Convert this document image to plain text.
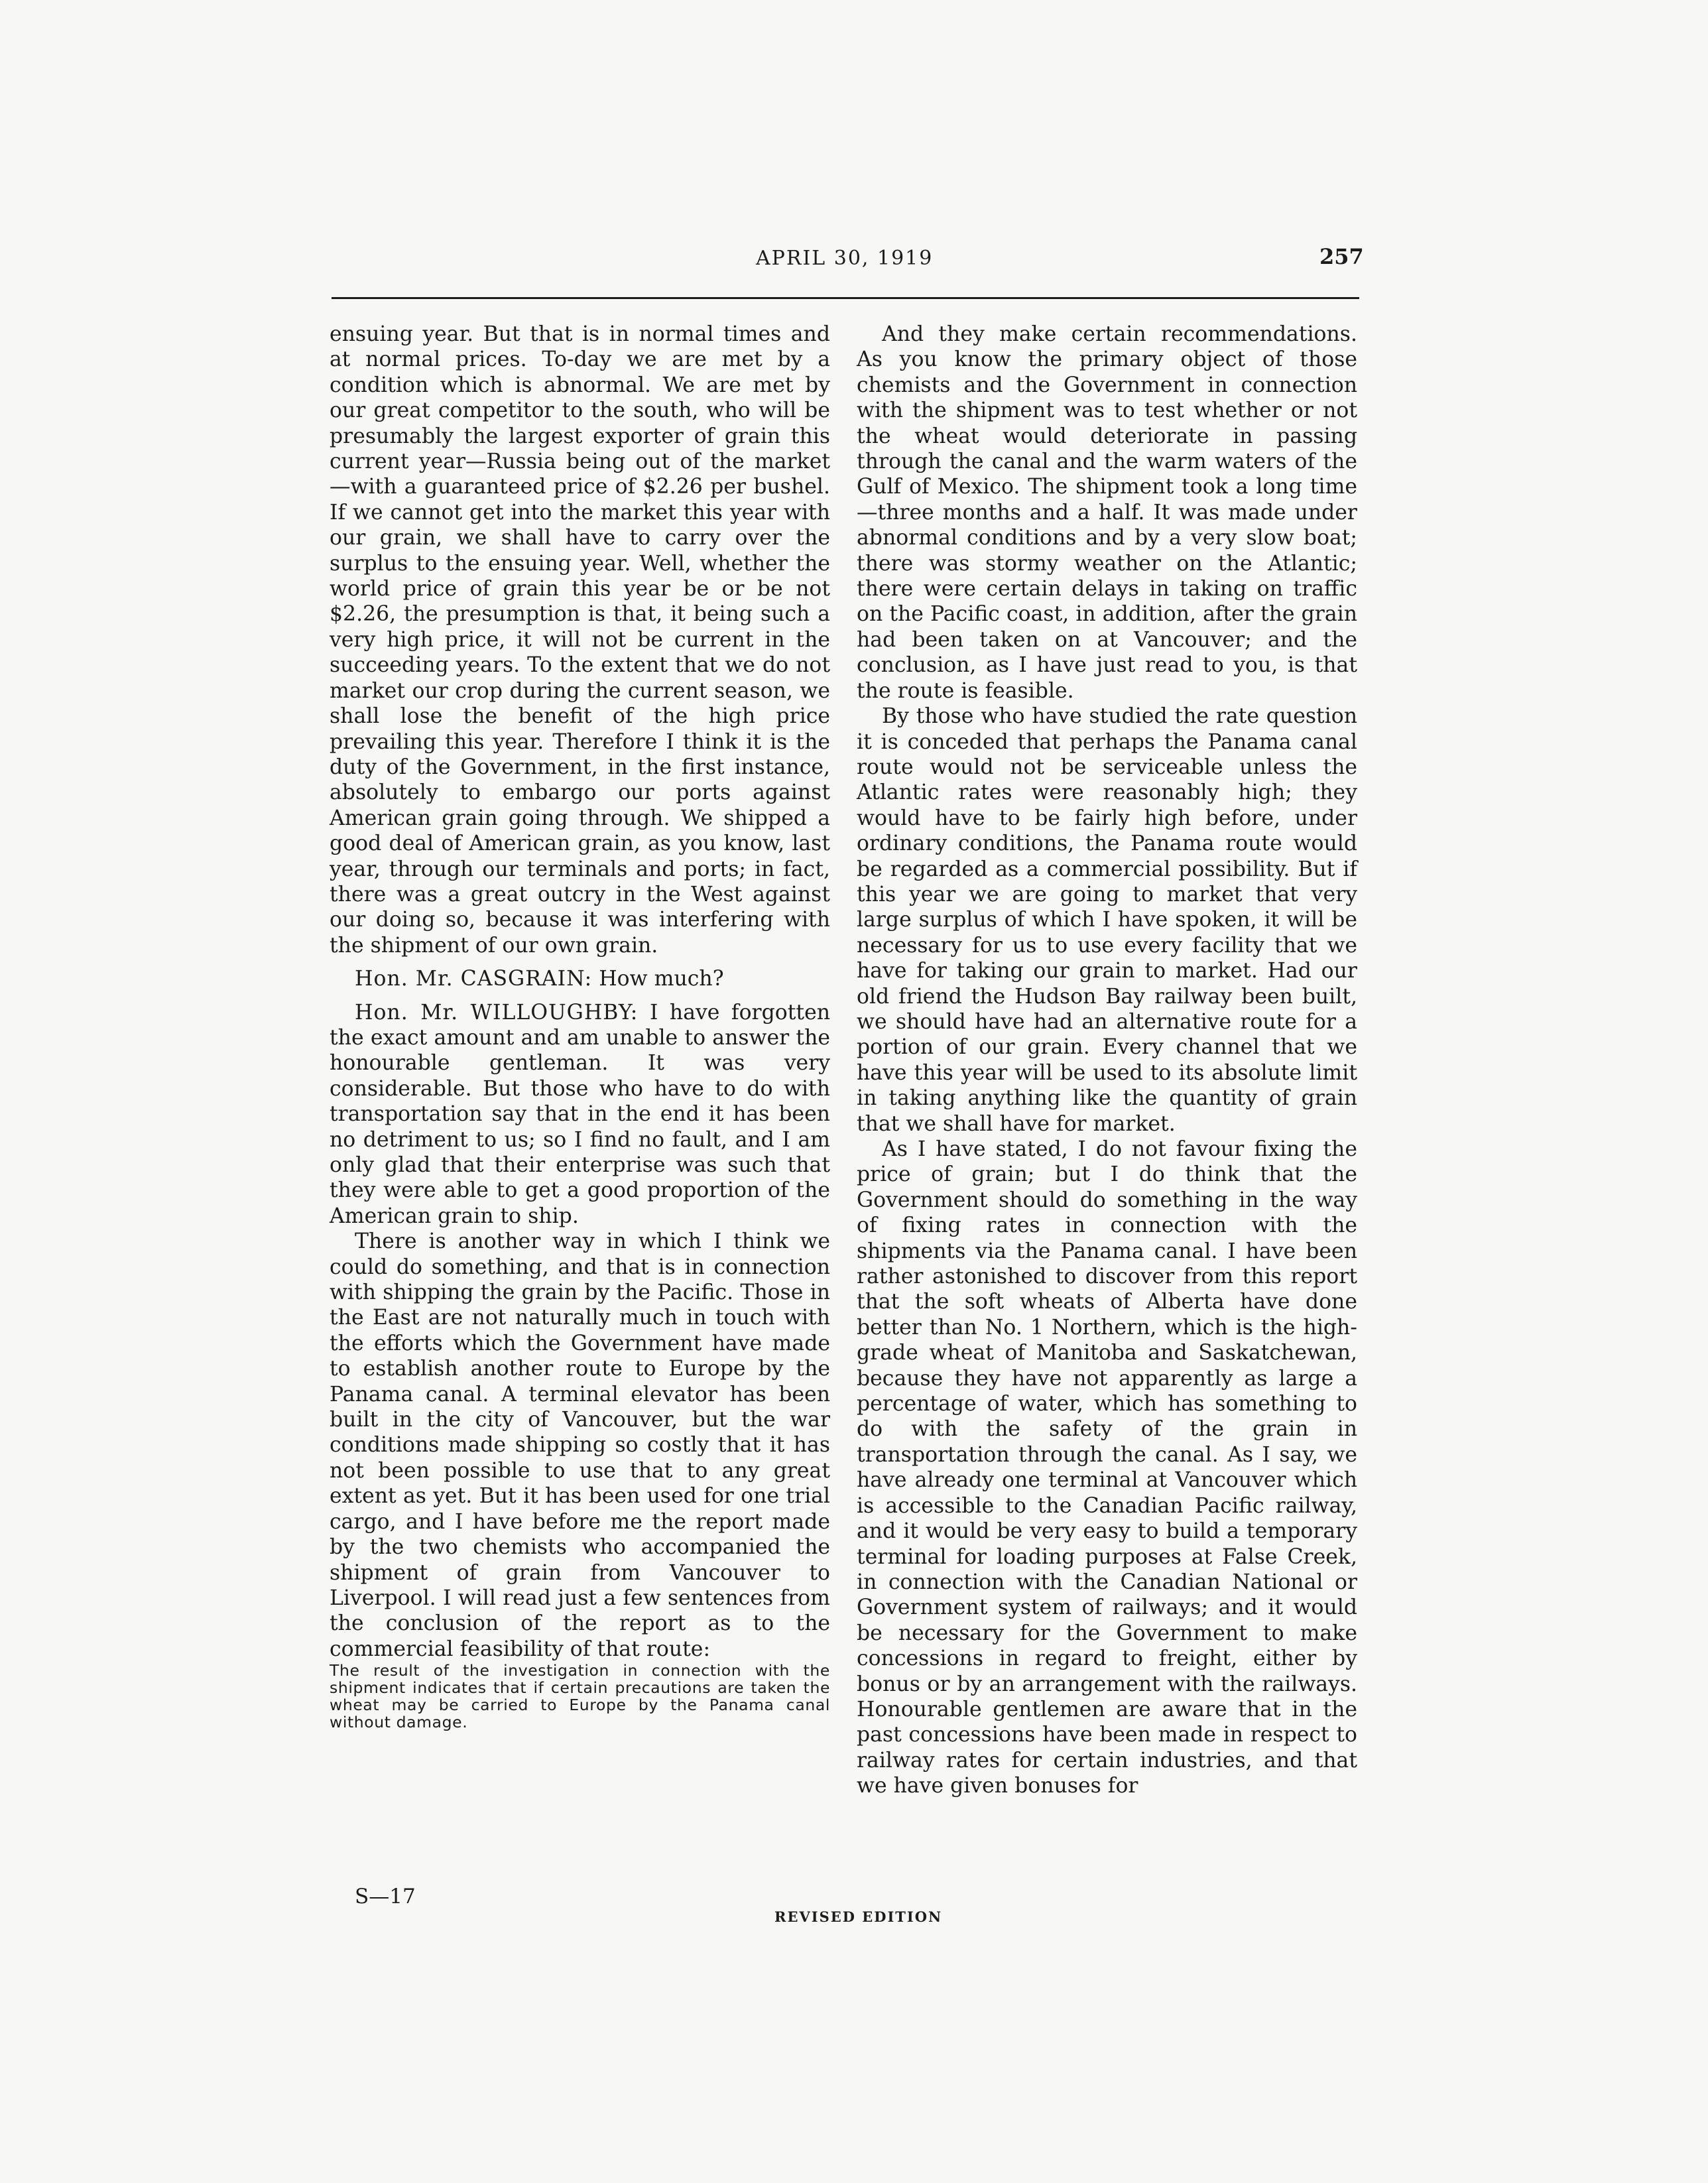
APRIL 30, 1919	257

ensuing year. But that is in normal times and at normal prices. To-day we are met by a condition which is abnormal. We are met by our great competitor to the south, who will be presumably the largest exporter of grain this current year—Russia being out of the market—with a guaranteed price of $2.26 per bushel. If we cannot get into the market this year with our grain, we shall have to carry over the surplus to the ensuing year. Well, whether the world price of grain this year be or be not $2.26, the presumption is that, it being such a very high price, it will not be current in the succeeding years. To the extent that we do not market our crop during the current season, we shall lose the benefit of the high price prevailing this year. Therefore I think it is the duty of the Government, in the first instance, absolutely to embargo our ports against American grain going through. We shipped a good deal of American grain, as you know, last year, through our terminals and ports; in fact, there was a great outcry in the West against our doing so, because it was interfering with the shipment of our own grain.

Hon. Mr. CASGRAIN: How much?

Hon. Mr. WILLOUGHBY: I have forgotten the exact amount and am unable to answer the honourable gentleman. It was very considerable. But those who have to do with transportation say that in the end it has been no detriment to us; so I find no fault, and I am only glad that their enterprise was such that they were able to get a good proportion of the American grain to ship.

There is another way in which I think we could do something, and that is in connection with shipping the grain by the Pacific. Those in the East are not naturally much in touch with the efforts which the Government have made to establish another route to Europe by the Panama canal. A terminal elevator has been built in the city of Vancouver, but the war conditions made shipping so costly that it has not been possible to use that to any great extent as yet. But it has been used for one trial cargo, and I have before me the report made by the two chemists who accompanied the shipment of grain from Vancouver to Liverpool. I will read just a few sentences from the conclusion of the report as to the commercial feasibility of that route:

The result of the investigation in connection with the shipment indicates that if certain precautions are taken the wheat may be carried to Europe by the Panama canal without damage.

And they make certain recommendations. As you know the primary object of those chemists and the Government in connection with the shipment was to test whether or not the wheat would deteriorate in passing through the canal and the warm waters of the Gulf of Mexico. The shipment took a long time—three months and a half. It was made under abnormal conditions and by a very slow boat; there was stormy weather on the Atlantic; there were certain delays in taking on traffic on the Pacific coast, in addition, after the grain had been taken on at Vancouver; and the conclusion, as I have just read to you, is that the route is feasible.

By those who have studied the rate question it is conceded that perhaps the Panama canal route would not be serviceable unless the Atlantic rates were reasonably high; they would have to be fairly high before, under ordinary conditions, the Panama route would be regarded as a commercial possibility. But if this year we are going to market that very large surplus of which I have spoken, it will be necessary for us to use every facility that we have for taking our grain to market. Had our old friend the Hudson Bay railway been built, we should have had an alternative route for a portion of our grain. Every channel that we have this year will be used to its absolute limit in taking anything like the quantity of grain that we shall have for market.

As I have stated, I do not favour fixing the price of grain; but I do think that the Government should do something in the way of fixing rates in connection with the shipments via the Panama canal. I have been rather astonished to discover from this report that the soft wheats of Alberta have done better than No. 1 Northern, which is the high-grade wheat of Manitoba and Saskatchewan, because they have not apparently as large a percentage of water, which has something to do with the safety of the grain in transportation through the canal. As I say, we have already one terminal at Vancouver which is accessible to the Canadian Pacific railway, and it would be very easy to build a temporary terminal for loading purposes at False Creek, in connection with the Canadian National or Government system of railways; and it would be necessary for the Government to make concessions in regard to freight, either by bonus or by an arrangement with the railways. Honourable gentlemen are aware that in the past concessions have been made in respect to railway rates for certain industries, and that we have given bonuses for

S—17
REVISED EDITION
